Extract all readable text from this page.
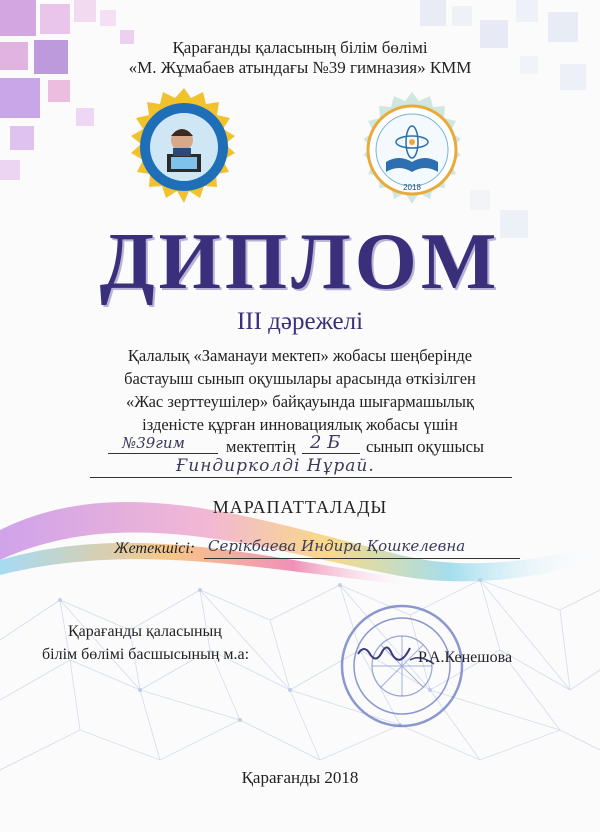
Қарағанды қаласының білім бөлімі
«М. Жұмабаев атындағы №39 гимназия» КММ
2018
ДИПЛОМ
ІІІ дәрежелі
Қалалық «Заманауи мектеп» жобасы шеңберінде
бастауыш сынып оқушылары арасында өткізілген
«Жас зерттеушілер» байқауында шығармашылық
ізденісте құрған инновациялық жобасы үшін
№39гим мектептің 2 Б сынып оқушысы
Ғиндирколді Нұрай.
МАРАПАТТАЛАДЫ
Жетекшісі: Серікбаева Индира Қошкелевна
Қарағанды қаласының
білім бөлімі басшысының м.а:	Р.А.Кенешова
Қарағанды 2018
